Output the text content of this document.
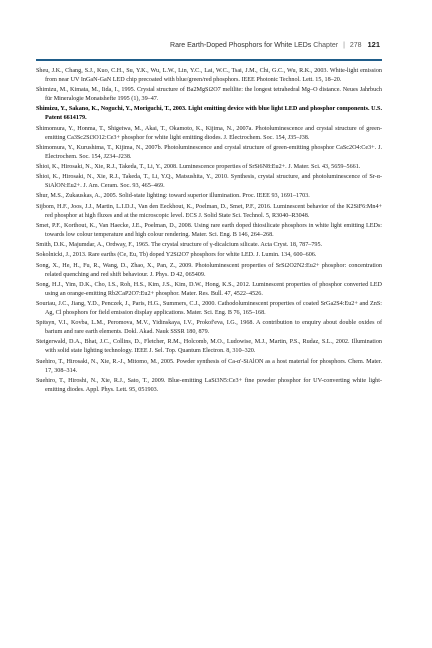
Rare Earth-Doped Phosphors for White LEDs Chapter | 278 121

Sheu, J.K., Chang, S.J., Kuo, C.H., Su, Y.K., Wu, L.W., Lin, Y.C., Lai, W.C., Tsai, J.M., Chi, G.C., Wu, R.K., 2003. White-light emission from near UV InGaN-GaN LED chip precoated with blue/green/red phosphors. IEEE Photonic Technol. Lett. 15, 18–20.

Shimizu, M., Kimata, M., Iida, I., 1995. Crystal structure of Ba2MgSi2O7 melilite: the longest tetrahedral Mg–O distance. Neues Jahrbuch für Mineralogie Monatshefte 1995 (1), 39–47.

Shimizu, Y., Sakano, K., Noguchi, Y., Moriguchi, T., 2003. Light emitting device with blue light LED and phosphor components. U.S. Patent 6614179.

Shimomura, Y., Honma, T., Shigeiwa, M., Akai, T., Okamoto, K., Kijima, N., 2007a. Photoluminescence and crystal structure of green-emitting Ca3Sc2Si3O12:Ce3+ phosphor for white light emitting diodes. J. Electrochem. Soc. 154, J35–J38.

Shimomura, Y., Kurushima, T., Kijima, N., 2007b. Photoluminescence and crystal structure of green-emitting phosphor CaSc2O4:Ce3+. J. Electrochem. Soc. 154, J234–J238.

Shioi, K., Hirosaki, N., Xie, R.J., Takeda, T., Li, Y., 2008. Luminescence properties of SrSi6N8:Eu2+. J. Mater. Sci. 43, 5659–5661.

Shioi, K., Hirosaki, N., Xie, R.J., Takeda, T., Li, Y.Q., Matsushita, Y., 2010. Synthesis, crystal structure, and photoluminescence of Sr-α-SiAlON:Eu2+. J. Am. Ceram. Soc. 93, 465–469.

Shur, M.S., Zukauskas, A., 2005. Solid-state lighting: toward superior illumination. Proc. IEEE 93, 1691–1703.

Sijbom, H.F., Joos, J.J., Martin, L.I.D.J., Van den Eeckhout, K., Poelman, D., Smet, P.F., 2016. Luminescent behavior of the K2SiF6:Mn4+ red phosphor at high fluxes and at the microscopic level. ECS J. Solid State Sci. Technol. 5, R3040–R3048.

Smet, P.F., Korthout, K., Van Haecke, J.E., Poelman, D., 2008. Using rare earth doped thiosilicate phosphors in white light emitting LEDs: towards low colour temperature and high colour rendering. Mater. Sci. Eng. B 146, 264–268.

Smith, D.K., Majumdar, A., Ordway, F., 1965. The crystal structure of γ-dicalcium silicate. Acta Cryst. 18, 787–795.

Sokolnicki, J., 2013. Rare earths (Ce, Eu, Tb) doped Y2Si2O7 phosphors for white LED. J. Lumin. 134, 600–606.

Song, X., He, H., Fu, R., Wang, D., Zhao, X., Pan, Z., 2009. Photoluminescent properties of SrSi2O2N2:Eu2+ phosphor: concentration related quenching and red shift behaviour. J. Phys. D 42, 065409.

Song, H.J., Yim, D.K., Cho, I.S., Roh, H.S., Kim, J.S., Kim, D.W., Hong, K.S., 2012. Luminescent properties of phosphor converted LED using an orange-emitting Rb2CaP2O7:Eu2+ phosphor. Mater. Res. Bull. 47, 4522–4526.

Souriau, J.C., Jiang, Y.D., Penczek, J., Paris, H.G., Summers, C.J., 2000. Cathodoluminescent properties of coated SrGa2S4:Eu2+ and ZnS: Ag, Cl phosphors for field emission display applications. Mater. Sci. Eng. B 76, 165–168.

Spitsyn, V.I., Kovba, L.M., Peromova, M.V., Yidinskaya, I.V., Prokof'eva, I.G., 1968. A contribution to enquiry about double oxides of barium and rare earth elements. Dokl. Akad. Nauk SSSR 180, 879.

Steigerwald, D.A., Bhat, J.C., Collins, D., Fletcher, R.M., Holcomb, M.O., Ludowise, M.J., Martin, P.S., Rudaz, S.L., 2002. Illumination with solid state lighting technology. IEEE J. Sel. Top. Quantum Electron. 8, 310–320.

Suehiro, T., Hirosaki, N., Xie, R.-J., Mitomo, M., 2005. Powder synthesis of Ca-α'-SiAlON as a host material for phosphors. Chem. Mater. 17, 308–314.

Suehiro, T., Hiroshi, N., Xie, R.J., Sato, T., 2009. Blue-emitting LaSi3N5:Ce3+ fine powder phosphor for UV-converting white light-emitting diodes. Appl. Phys. Lett. 95, 051903.
